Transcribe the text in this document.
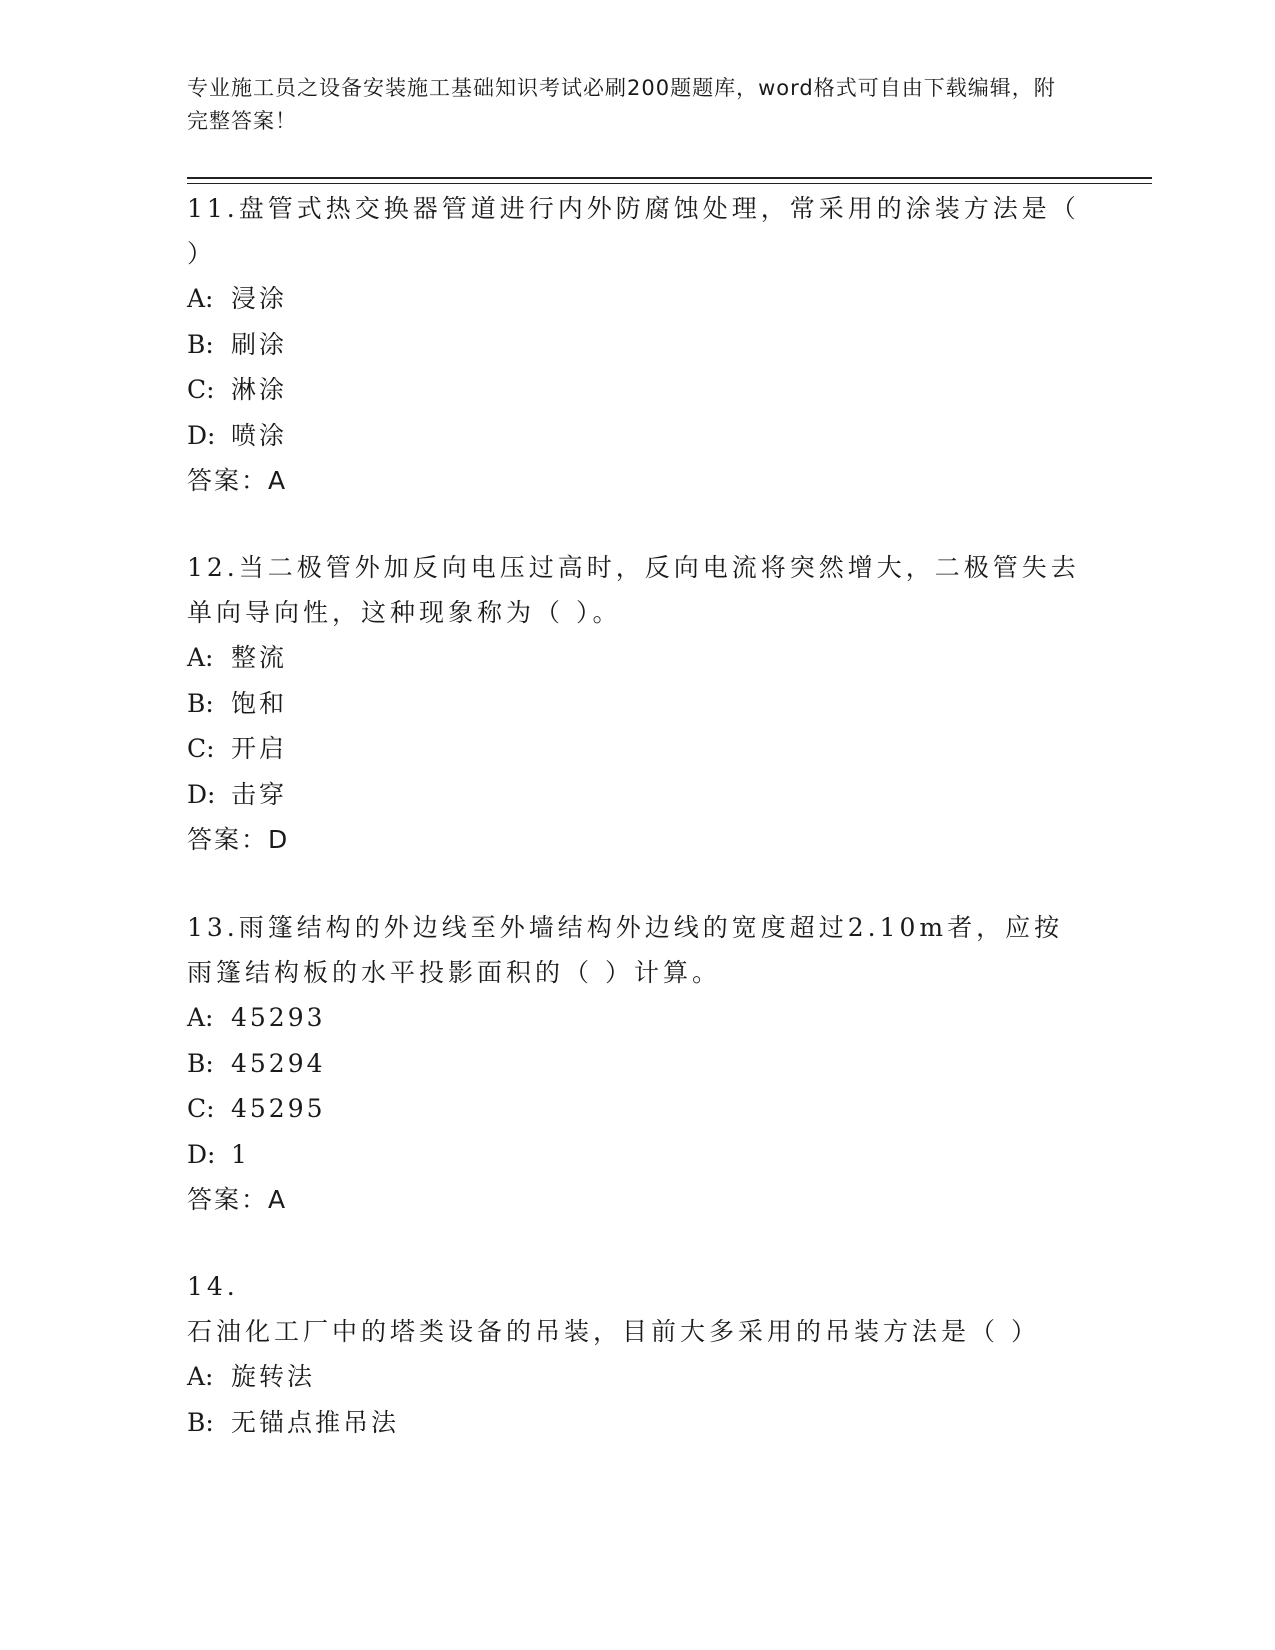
专业施工员之设备安装施工基础知识考试必刷200题题库，word格式可自由下载编辑，附完整答案！

11.盘管式热交换器管道进行内外防腐蚀处理，常采用的涂装方法是（ ）

A: 浸涂
B: 刷涂
C: 淋涂
D: 喷涂
答案：A

12.当二极管外加反向电压过高时，反向电流将突然增大，二极管失去单向导向性，这种现象称为（ ）。

A: 整流
B: 饱和
C: 开启
D: 击穿
答案：D

13.雨篷结构的外边线至外墙结构外边线的宽度超过2.10m者，应按雨篷结构板的水平投影面积的（ ）计算。

A: 45293
B: 45294
C: 45295
D: 1
答案：A

14.石油化工厂中的塔类设备的吊装，目前大多采用的吊装方法是（ ）

A: 旋转法
B: 无锚点推吊法
